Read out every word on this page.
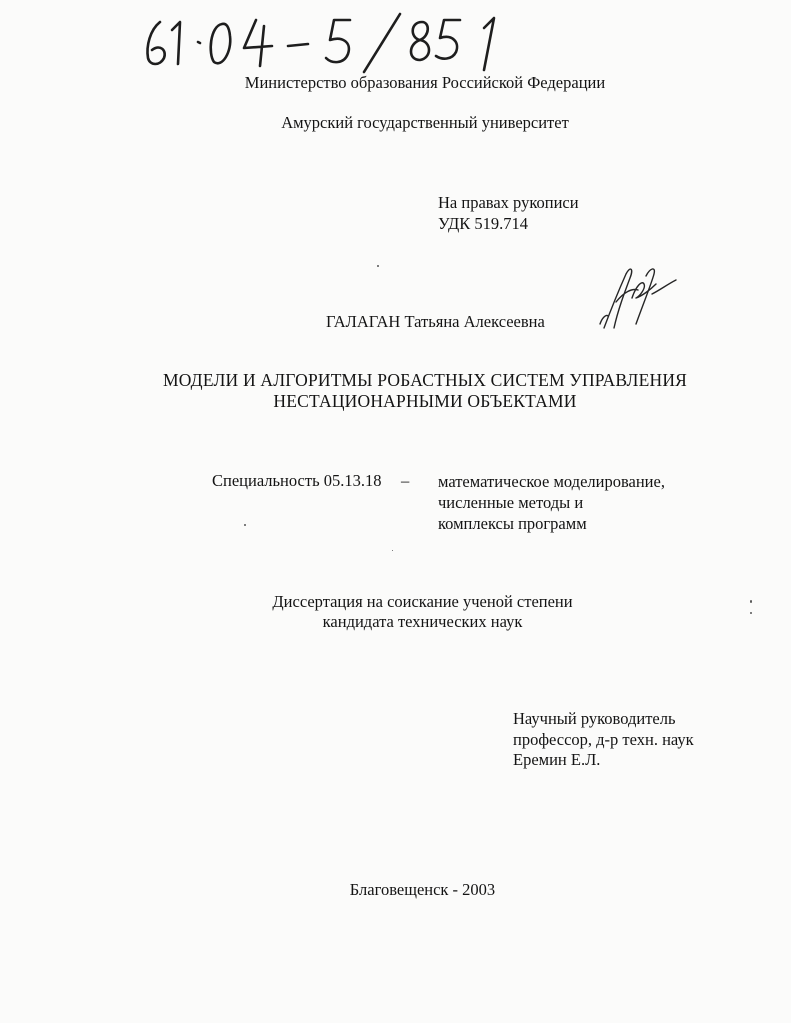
Министерство образования Российской Федерации
Амурский государственный университет
На правах рукописи
УДК 519.714
ГАЛАГАН Татьяна Алексеевна
МОДЕЛИ И АЛГОРИТМЫ РОБАСТНЫХ СИСТЕМ УПРАВЛЕНИЯ
НЕСТАЦИОНАРНЫМИ ОБЪЕКТАМИ
Специальность 05.13.18 – математическое моделирование,
численные методы и
комплексы программ
Диссертация на соискание ученой степени
кандидата технических наук
Научный руководитель
профессор, д-р техн. наук
Еремин Е.Л.
Благовещенск - 2003
